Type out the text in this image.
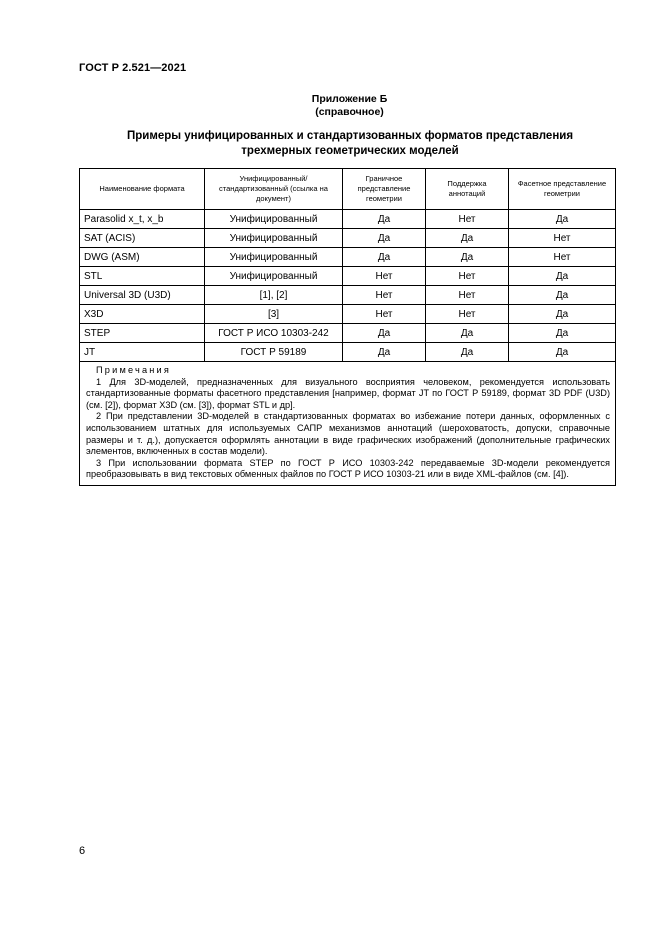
ГОСТ Р 2.521—2021
Приложение Б
(справочное)
Примеры унифицированных и стандартизованных форматов представления
трехмерных геометрических моделей
Наименование формата	Унифицированный/ стандартизованный (ссылка на документ)	Граничное представление геометрии	Поддержка аннотаций	Фасетное представление геометрии
Parasolid x_t, x_b	Унифицированный	Да	Нет	Да
SAT (ACIS)	Унифицированный	Да	Да	Нет
DWG (ASM)	Унифицированный	Да	Да	Нет
STL	Унифицированный	Нет	Нет	Да
Universal 3D (U3D)	[1], [2]	Нет	Нет	Да
X3D	[3]	Нет	Нет	Да
STEP	ГОСТ Р ИСО 10303-242	Да	Да	Да
JT	ГОСТ Р 59189	Да	Да	Да

Примечания

1 Для 3D-моделей, предназначенных для визуального восприятия человеком, рекомендуется использовать стандартизованные форматы фасетного представления [например, формат JT по ГОСТ Р 59189, формат 3D PDF (U3D) (см. [2]), формат X3D (см. [3]), формат STL и др].

2 При представлении 3D-моделей в стандартизованных форматах во избежание потери данных, оформленных с использованием штатных для используемых САПР механизмов аннотаций (шероховатость, допуски, справочные размеры и т. д.), допускается оформлять аннотации в виде графических изображений (дополнительные графических элементов, включенных в состав модели).

3 При использовании формата STEP по ГОСТ Р ИСО 10303-242 передаваемые 3D-модели рекомендуется преобразовывать в вид текстовых обменных файлов по ГОСТ Р ИСО 10303-21 или в виде XML-файлов (см. [4]).				

6
